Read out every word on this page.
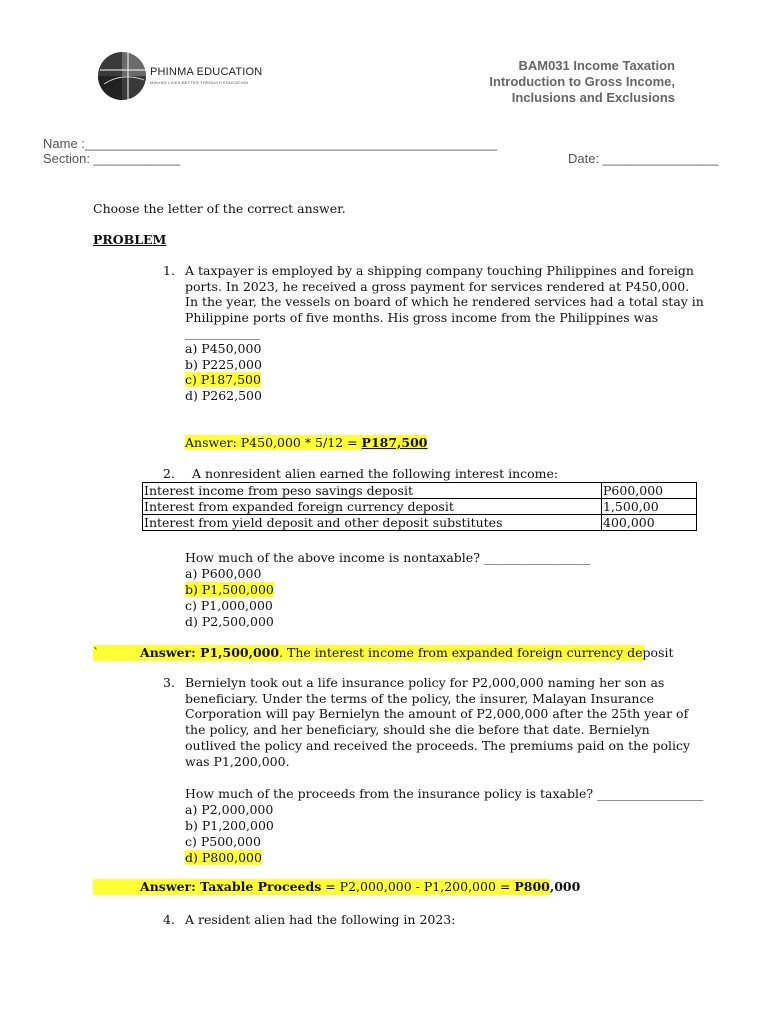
PHINMA EDUCATION
MAKING LIVES BETTER THROUGH EDUCATION
BAM031 Income Taxation
Introduction to Gross Income,
Inclusions and Exclusions
Name :_________________________________________________________
Section: ____________	Date: ________________
Choose the letter of the correct answer.
PROBLEM
1. A taxpayer is employed by a shipping company touching Philippines and foreign
ports. In 2023, he received a gross payment for services rendered at P450,000.
In the year, the vessels on board of which he rendered services had a total stay in
Philippine ports of five months. His gross income from the Philippines was
____________
a) P450,000
b) P225,000
c) P187,500
d) P262,500
Answer: P450,000 * 5/12 = P187,500
2. A nonresident alien earned the following interest income:
Interest income from peso savings deposit	P600,000
Interest from expanded foreign currency deposit	1,500,00
Interest from yield deposit and other deposit substitutes	400,000
How much of the above income is nontaxable? _________________
a) P600,000
b) P1,500,000
c) P1,000,000
d) P2,500,000
`	Answer: P1,500,000. The interest income from expanded foreign currency deposit
3. Bernielyn took out a life insurance policy for P2,000,000 naming her son as
beneficiary. Under the terms of the policy, the insurer, Malayan Insurance
Corporation will pay Bernielyn the amount of P2,000,000 after the 25th year of
the policy, and her beneficiary, should she die before that date. Bernielyn
outlived the policy and received the proceeds. The premiums paid on the policy
was P1,200,000.
How much of the proceeds from the insurance policy is taxable? _________________
a) P2,000,000
b) P1,200,000
c) P500,000
d) P800,000
Answer: Taxable Proceeds = P2,000,000 - P1,200,000 = P800,000
4. A resident alien had the following in 2023:
